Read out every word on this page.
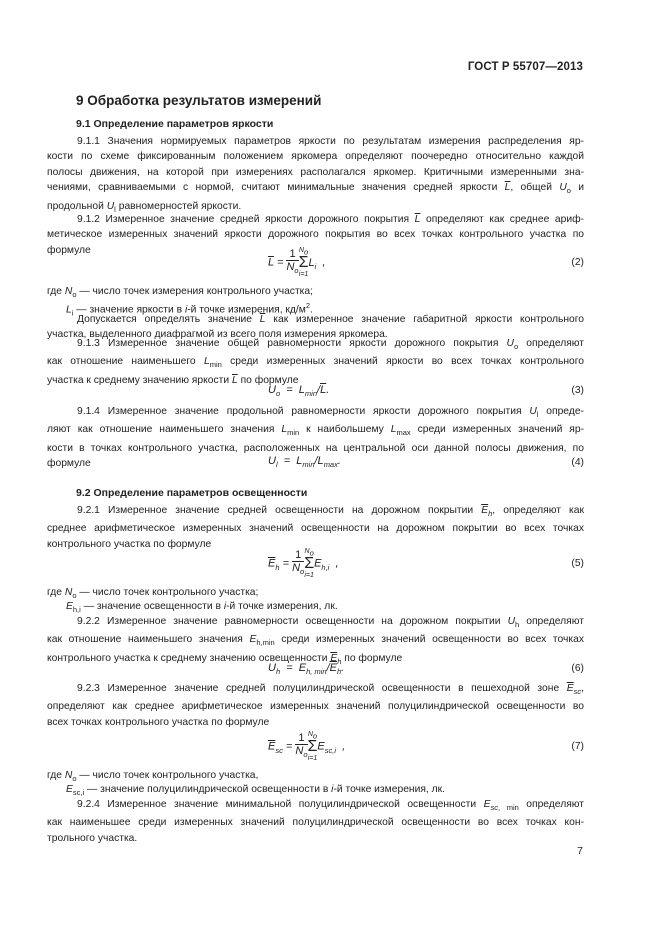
ГОСТ Р 55707—2013
9 Обработка результатов измерений
9.1 Определение параметров яркости
9.1.1 Значения нормируемых параметров яркости по результатам измерения распределения яр-
кости по схеме фиксированным положением яркомера определяют поочередно относительно каждой
полосы движения, на которой при измерениях располагался яркомер. Критичными измеренными зна-
чениями, сравниваемыми с нормой, считают минимальные значения средней яркости $\overline{L}$, общей $U_o$ и
продольной $U_l$ равномерностей яркости.
9.1.2 Измеренное значение средней яркости дорожного покрытия $\overline{L}$ определяют как среднее ариф-
метическое измеренных значений яркости дорожного покрытия во всех точках контрольного участка по
формуле
$\overline{L} = \frac{1}{N_o} N_o$
Σ
i=1
$L_i$  ,	(2)
где $N_o$ — число точек измерения контрольного участка;
$L_i$ — значение яркости в i-й точке измерения, $кд/м^2$.
Допускается определять значение $\overline{L}$ как измеренное значение габаритной яркости контрольного
участка, выделенного диафрагмой из всего поля измерения яркомера.
9.1.3 Измеренное значение общей равномерности яркости дорожного покрытия $U_o$ определяют
как отношение наименьшего $L_{min}$ среди измеренных значений яркости во всех точках контрольного
участка к среднему значению яркости $\overline{L}$ по формуле
$U_o = L_{min}/\overline{L}$.	(3)
9.1.4 Измеренное значение продольной равномерности яркости дорожного покрытия $U_l$ опреде-
ляют как отношение наименьшего значения $L_{min}$ к наибольшему $L_{max}$ среди измеренных значений яр-
кости в точках контрольного участка, расположенных на центральной оси данной полосы движения, по
формуле	$U_l = L_{min}/L_{max}$.	(4)
9.2 Определение параметров освещенности
9.2.1 Измеренное значение средней освещенности на дорожном покрытии $\overline{E}_h$, определяют как
среднее арифметическое измеренных значений освещенности на дорожном покрытии во всех точках
контрольного участка по формуле
$\overline{E}_h = \frac{1}{N_o} N_o$
Σ
i=1
$E_{h,i}$  ,	(5)
где $N_o$ — число точек контрольного участка;
$E_{h,i}$ — значение освещенности в i-й точке измерения, лк.
9.2.2 Измеренное значение равномерности освещенности на дорожном покрытии $U_h$ определяют
как отношение наименьшего значения $E_{h,min}$ среди измеренных значений освещенности во всех точках
контрольного участка к среднему значению освещенности $\overline{E}_h$ по формуле
$U_h = E_{h, min}/\overline{E}_h$.	(6)
9.2.3 Измеренное значение средней полуцилиндрической освещенности в пешеходной зоне $\overline{E}_{sc}$,
определяют как среднее арифметическое измеренных значений полуцилиндрической освещенности во
всех точках контрольного участка по формуле
$\overline{E}_{sc} = \frac{1}{N_o} N_o$
Σ
i=1
$E_{sc,i}$  ,	(7)
где $N_o$ — число точек контрольного участка,
$E_{sc,i}$ — значение полуцилиндрической освещенности в i-й точке измерения, лк.
9.2.4 Измеренное значение минимальной полуцилиндрической освещенности $E_{sc, min}$ определяют
как наименьшее среди измеренных значений полуцилиндрической освещенности во всех точках кон-
трольного участка.
7
